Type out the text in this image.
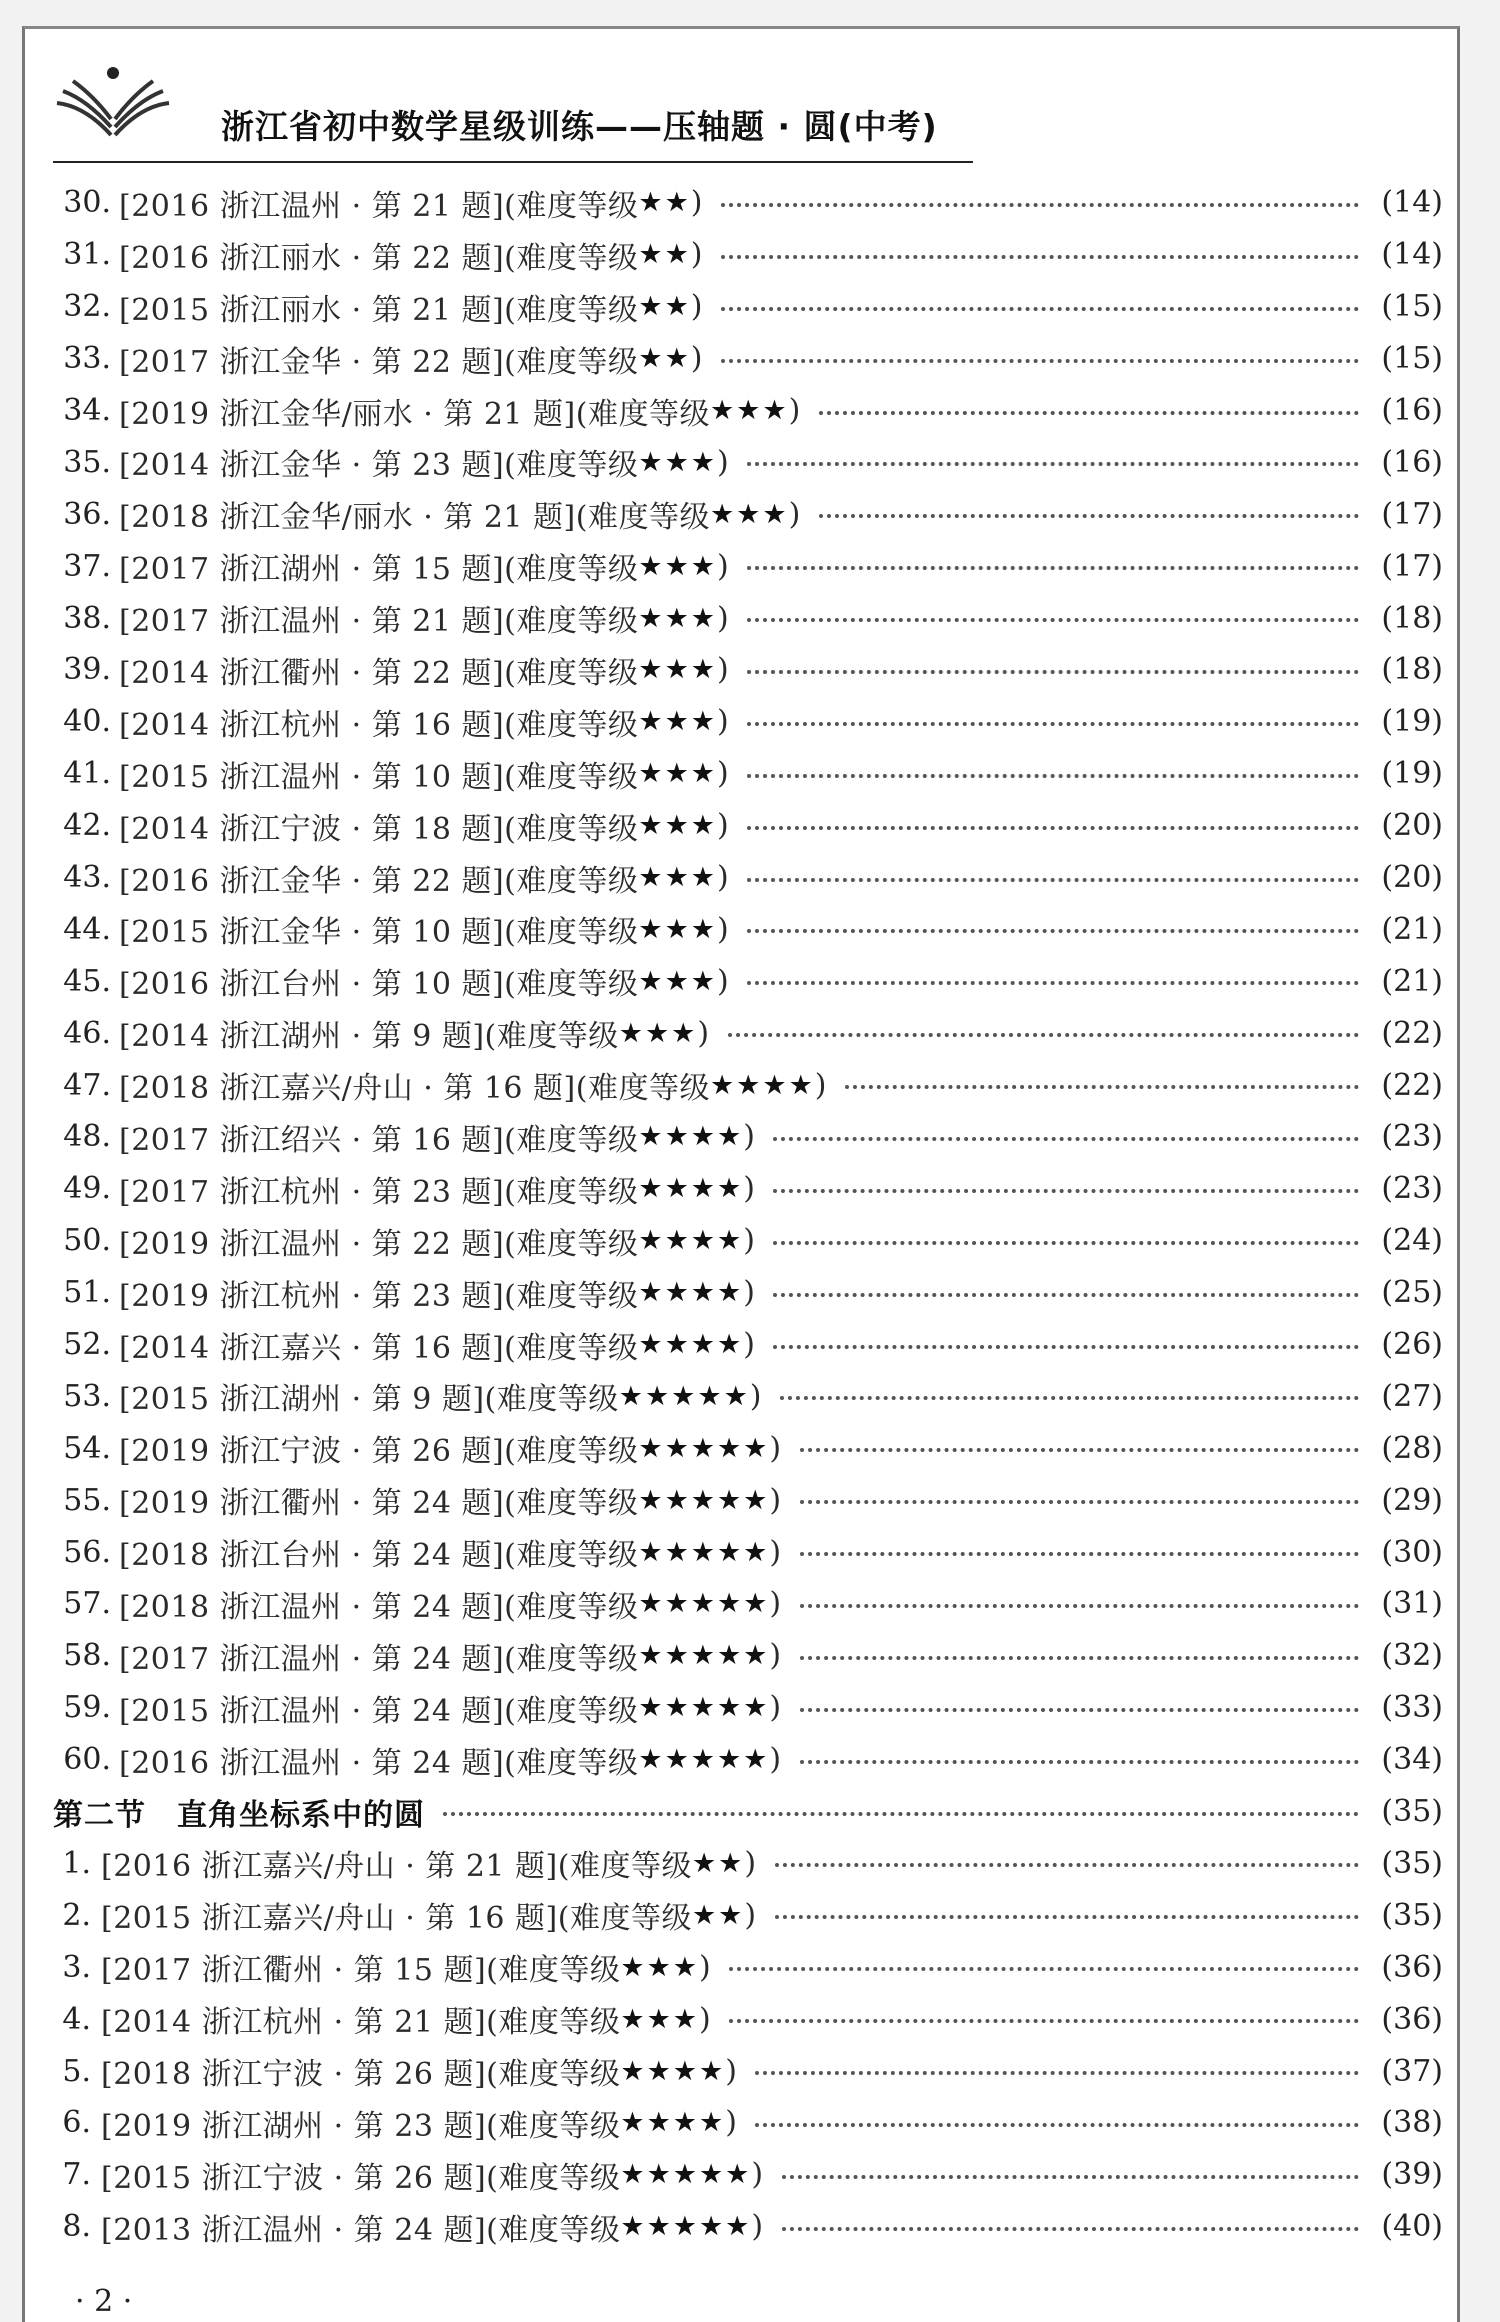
浙江省初中数学星级训练——压轴题 · 圆(中考)
30. [2016 浙江温州 · 第 21 题](难度等级 ★★ )	(14)
31. [2016 浙江丽水 · 第 22 题](难度等级 ★★ )	(14)
32. [2015 浙江丽水 · 第 21 题](难度等级 ★★ )	(15)
33. [2017 浙江金华 · 第 22 题](难度等级 ★★ )	(15)
34. [2019 浙江金华/丽水 · 第 21 题](难度等级 ★★★ )	(16)
35. [2014 浙江金华 · 第 23 题](难度等级 ★★★ )	(16)
36. [2018 浙江金华/丽水 · 第 21 题](难度等级 ★★★ )	(17)
37. [2017 浙江湖州 · 第 15 题](难度等级 ★★★ )	(17)
38. [2017 浙江温州 · 第 21 题](难度等级 ★★★ )	(18)
39. [2014 浙江衢州 · 第 22 题](难度等级 ★★★ )	(18)
40. [2014 浙江杭州 · 第 16 题](难度等级 ★★★ )	(19)
41. [2015 浙江温州 · 第 10 题](难度等级 ★★★ )	(19)
42. [2014 浙江宁波 · 第 18 题](难度等级 ★★★ )	(20)
43. [2016 浙江金华 · 第 22 题](难度等级 ★★★ )	(20)
44. [2015 浙江金华 · 第 10 题](难度等级 ★★★ )	(21)
45. [2016 浙江台州 · 第 10 题](难度等级 ★★★ )	(21)
46. [2014 浙江湖州 · 第 9 题](难度等级 ★★★ )	(22)
47. [2018 浙江嘉兴/舟山 · 第 16 题](难度等级 ★★★★ )	(22)
48. [2017 浙江绍兴 · 第 16 题](难度等级 ★★★★ )	(23)
49. [2017 浙江杭州 · 第 23 题](难度等级 ★★★★ )	(23)
50. [2019 浙江温州 · 第 22 题](难度等级 ★★★★ )	(24)
51. [2019 浙江杭州 · 第 23 题](难度等级 ★★★★ )	(25)
52. [2014 浙江嘉兴 · 第 16 题](难度等级 ★★★★ )	(26)
53. [2015 浙江湖州 · 第 9 题](难度等级 ★★★★★ )	(27)
54. [2019 浙江宁波 · 第 26 题](难度等级 ★★★★★ )	(28)
55. [2019 浙江衢州 · 第 24 题](难度等级 ★★★★★ )	(29)
56. [2018 浙江台州 · 第 24 题](难度等级 ★★★★★ )	(30)
57. [2018 浙江温州 · 第 24 题](难度等级 ★★★★★ )	(31)
58. [2017 浙江温州 · 第 24 题](难度等级 ★★★★★ )	(32)
59. [2015 浙江温州 · 第 24 题](难度等级 ★★★★★ )	(33)
60. [2016 浙江温州 · 第 24 题](难度等级 ★★★★★ )	(34)
第二节　直角坐标系中的圆	(35)
1. [2016 浙江嘉兴/舟山 · 第 21 题](难度等级 ★★ )	(35)
2. [2015 浙江嘉兴/舟山 · 第 16 题](难度等级 ★★ )	(35)
3. [2017 浙江衢州 · 第 15 题](难度等级 ★★★ )	(36)
4. [2014 浙江杭州 · 第 21 题](难度等级 ★★★ )	(36)
5. [2018 浙江宁波 · 第 26 题](难度等级 ★★★★ )	(37)
6. [2019 浙江湖州 · 第 23 题](难度等级 ★★★★ )	(38)
7. [2015 浙江宁波 · 第 26 题](难度等级 ★★★★★ )	(39)
8. [2013 浙江温州 · 第 24 题](难度等级 ★★★★★ )	(40)
· 2 ·
